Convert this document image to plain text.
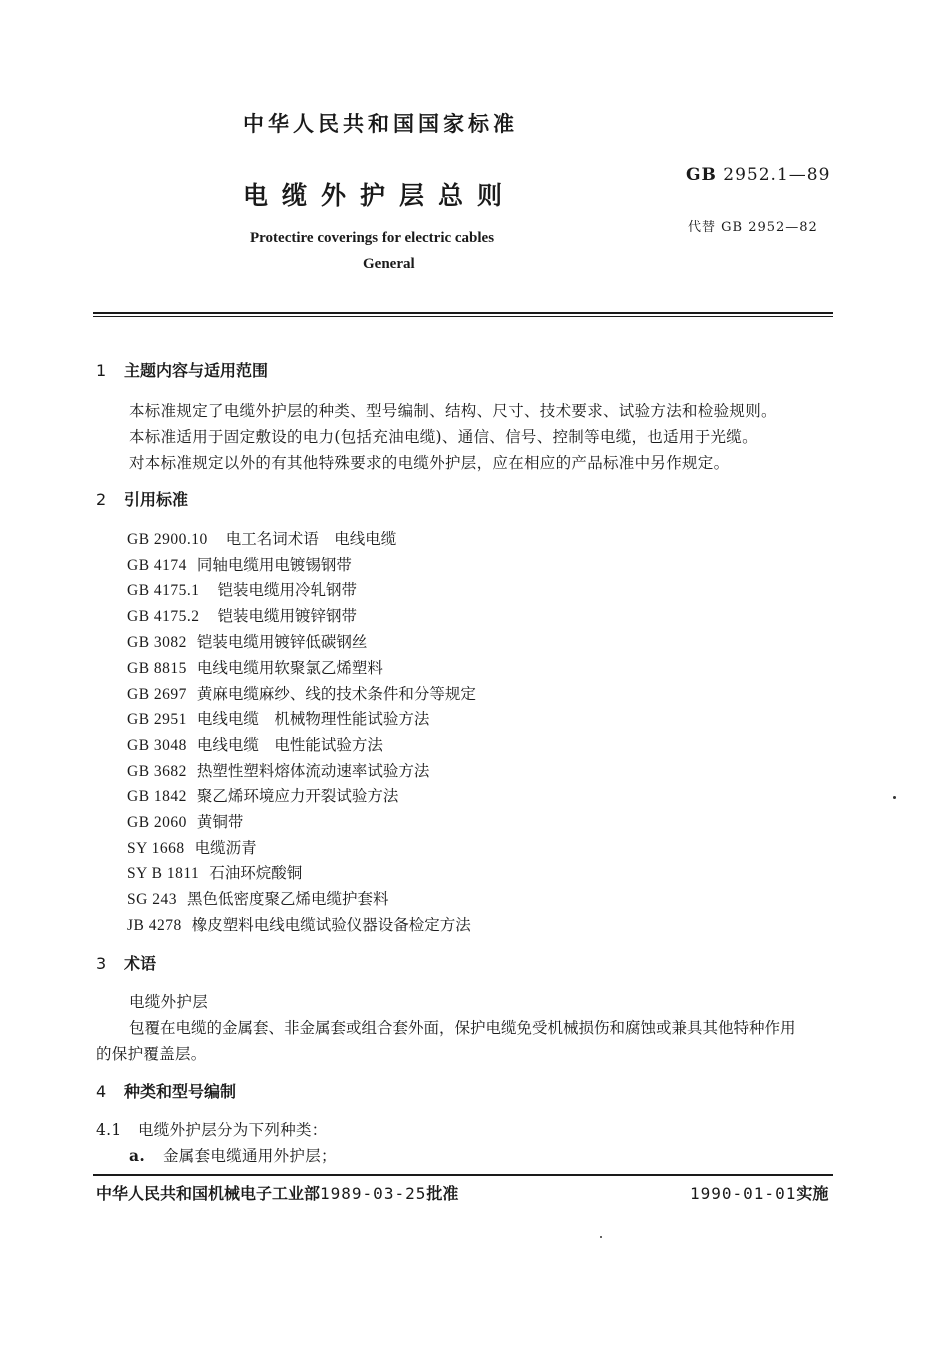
中华人民共和国国家标准
GB 2952.1—89
电缆外护层总则
代替 GB 2952—82
Protectire coverings for electric cables
General
1 主题内容与适用范围
本标准规定了电缆外护层的种类、型号编制、结构、尺寸、技术要求、试验方法和检验规则。
本标准适用于固定敷设的电力(包括充油电缆)、通信、信号、控制等电缆，也适用于光缆。
对本标准规定以外的有其他特殊要求的电缆外护层，应在相应的产品标准中另作规定。
2 引用标准
GB 2900.10 电工名词术语　电线电缆
GB 4174 同轴电缆用电镀锡钢带
GB 4175.1 铠装电缆用冷轧钢带
GB 4175.2 铠装电缆用镀锌钢带
GB 3082 铠装电缆用镀锌低碳钢丝
GB 8815 电线电缆用软聚氯乙烯塑料
GB 2697 黄麻电缆麻纱、线的技术条件和分等规定
GB 2951 电线电缆　机械物理性能试验方法
GB 3048 电线电缆　电性能试验方法
GB 3682 热塑性塑料熔体流动速率试验方法
GB 1842 聚乙烯环境应力开裂试验方法
GB 2060 黄铜带
SY 1668 电缆沥青
SY B 1811 石油环烷酸铜
SG 243 黑色低密度聚乙烯电缆护套料
JB 4278 橡皮塑料电线电缆试验仪器设备检定方法
3 术语
电缆外护层
包覆在电缆的金属套、非金属套或组合套外面，保护电缆免受机械损伤和腐蚀或兼具其他特种作用
的保护覆盖层。
4 种类和型号编制
4.1 电缆外护层分为下列种类：
a. 金属套电缆通用外护层；
中华人民共和国机械电子工业部1989-03-25批准	1990-01-01实施
